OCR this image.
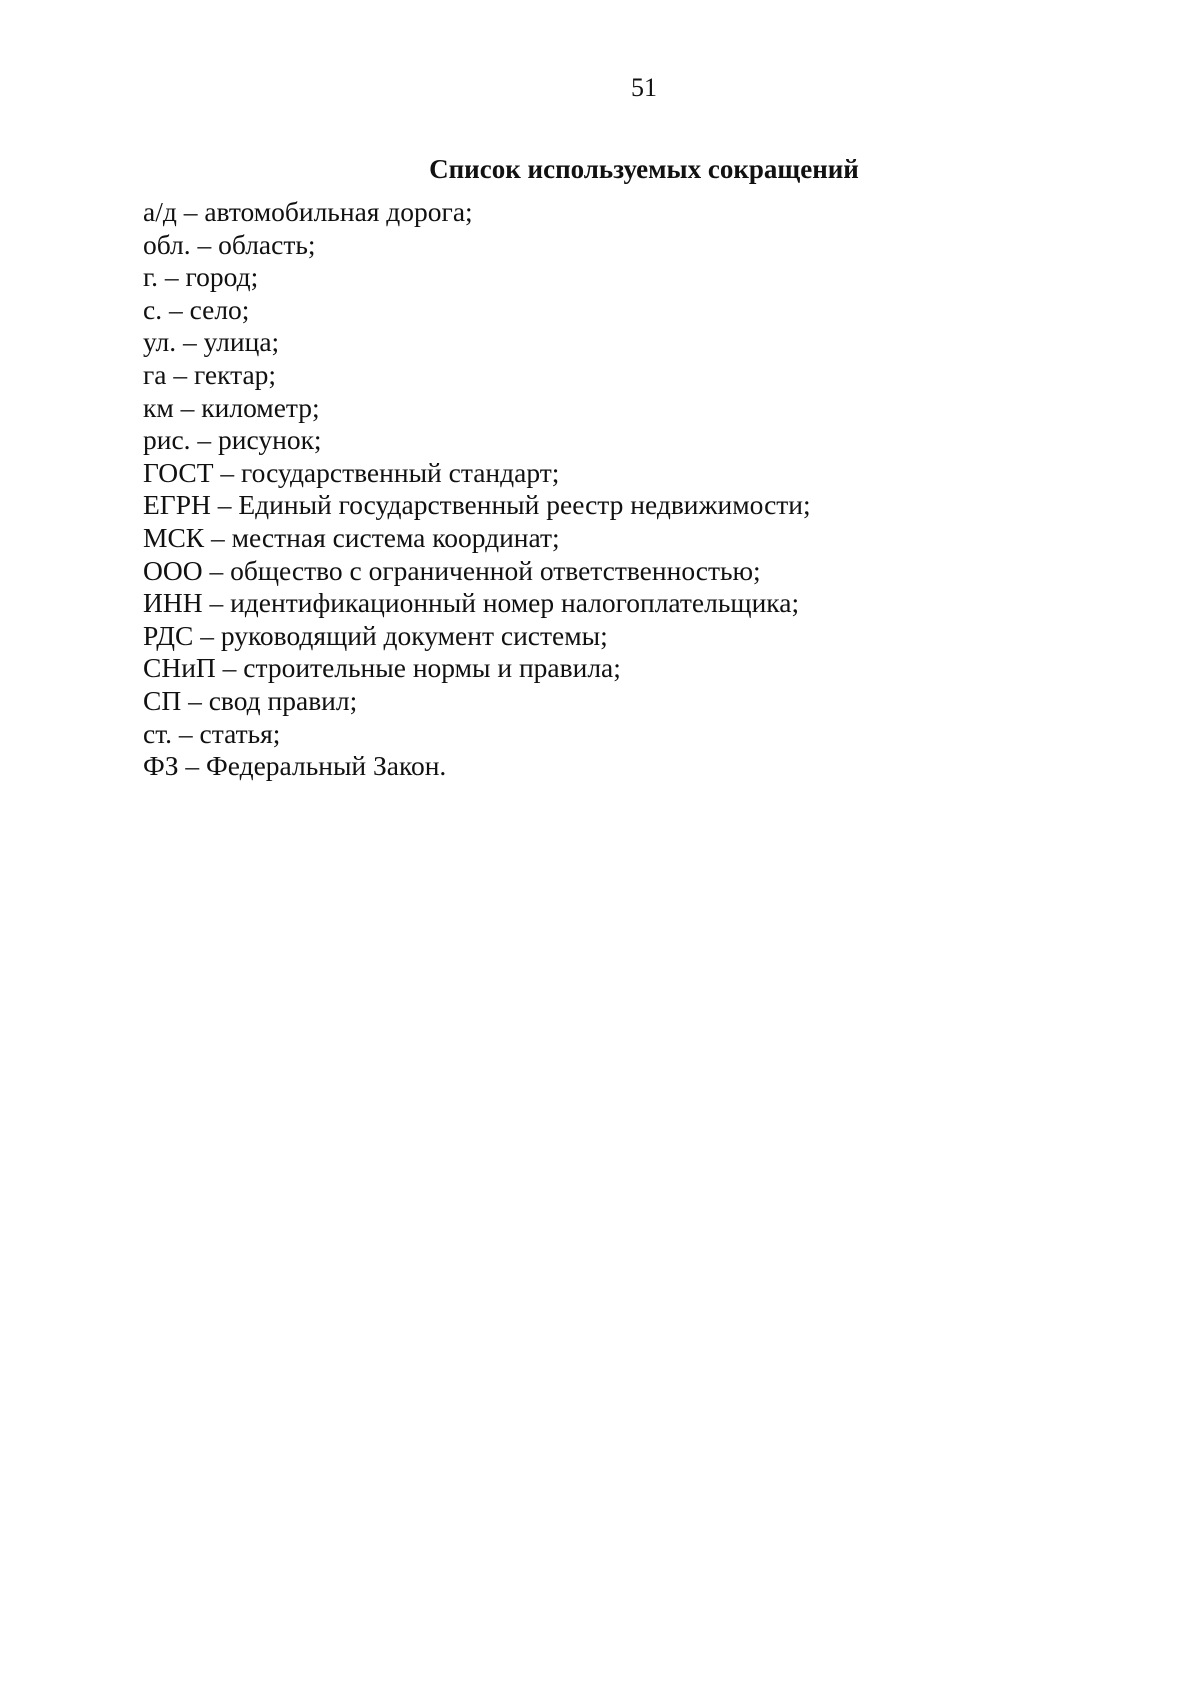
51
Список используемых сокращений
а/д – автомобильная дорога;
обл. – область;
г. – город;
с. – село;
ул. – улица;
га – гектар;
км – километр;
рис. – рисунок;
ГОСТ – государственный стандарт;
ЕГРН – Единый государственный реестр недвижимости;
МСК – местная система координат;
ООО – общество с ограниченной ответственностью;
ИНН – идентификационный номер налогоплательщика;
РДС – руководящий документ системы;
СНиП – строительные нормы и правила;
СП – свод правил;
ст. – статья;
ФЗ – Федеральный Закон.
